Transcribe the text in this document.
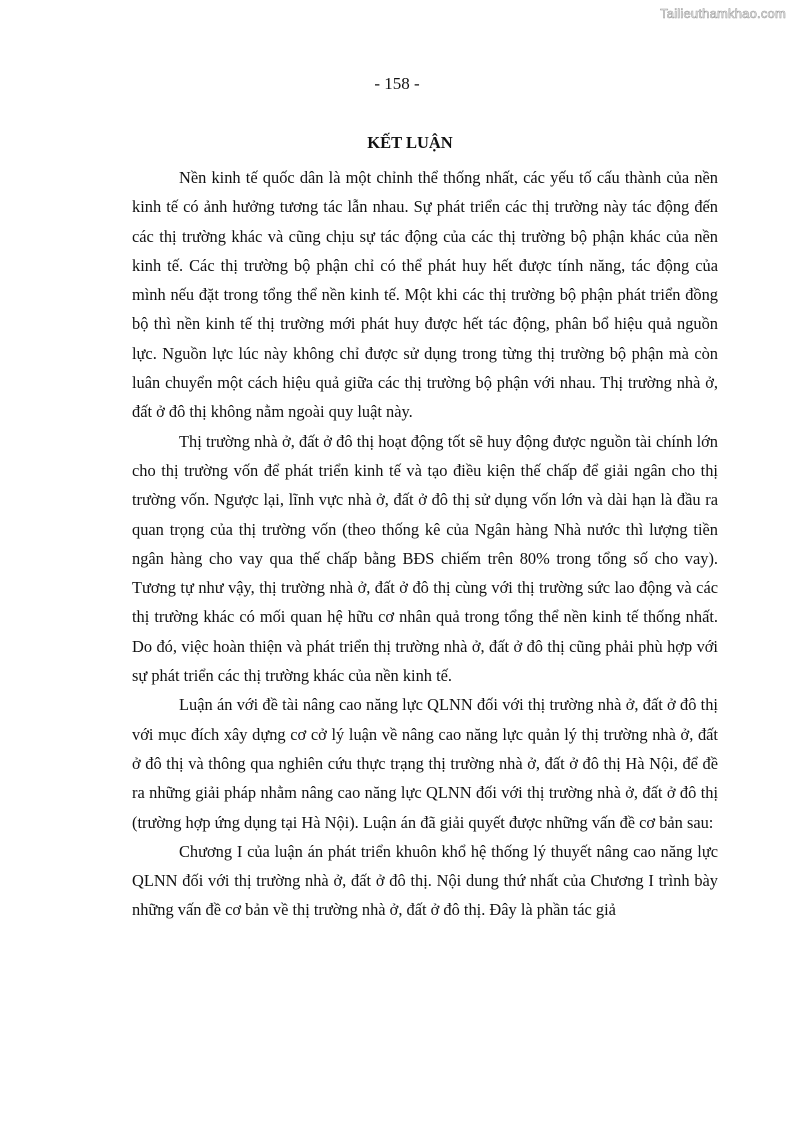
Tailieuthamkhao.com
- 158 -
KẾT LUẬN

Nền kinh tế quốc dân là một chỉnh thể thống nhất, các yếu tố cấu thành của nền kinh tế có ảnh hưởng tương tác lẫn nhau. Sự phát triển các thị trường này tác động đến các thị trường khác và cũng chịu sự tác động của các thị trường bộ phận khác của nền kinh tế. Các thị trường bộ phận chỉ có thể phát huy hết được tính năng, tác động của mình nếu đặt trong tổng thể nền kinh tế. Một khi các thị trường bộ phận phát triển đồng bộ thì nền kinh tế thị trường mới phát huy được hết tác động, phân bổ hiệu quả nguồn lực. Nguồn lực lúc này không chỉ được sử dụng trong từng thị trường bộ phận mà còn luân chuyển một cách hiệu quả giữa các thị trường bộ phận với nhau. Thị trường nhà ở, đất ở đô thị không nằm ngoài quy luật này.

Thị trường nhà ở, đất ở đô thị hoạt động tốt sẽ huy động được nguồn tài chính lớn cho thị trường vốn để phát triển kinh tế và tạo điều kiện thế chấp để giải ngân cho thị trường vốn. Ngược lại, lĩnh vực nhà ở, đất ở đô thị sử dụng vốn lớn và dài hạn là đầu ra quan trọng của thị trường vốn (theo thống kê của Ngân hàng Nhà nước thì lượng tiền ngân hàng cho vay qua thế chấp bằng BĐS chiếm trên 80% trong tổng số cho vay). Tương tự như vậy, thị trường nhà ở, đất ở đô thị cùng với thị trường sức lao động và các thị trường khác có mối quan hệ hữu cơ nhân quả trong tổng thể nền kinh tế thống nhất. Do đó, việc hoàn thiện và phát triển thị trường nhà ở, đất ở đô thị cũng phải phù hợp với sự phát triển các thị trường khác của nền kinh tế.

Luận án với đề tài nâng cao năng lực QLNN đối với thị trường nhà ở, đất ở đô thị với mục đích xây dựng cơ cở lý luận về nâng cao năng lực quản lý thị trường nhà ở, đất ở đô thị và thông qua nghiên cứu thực trạng thị trường nhà ở, đất ở đô thị Hà Nội, để đề ra những giải pháp nhằm nâng cao năng lực QLNN đối với thị trường nhà ở, đất ở đô thị (trường hợp ứng dụng tại Hà Nội). Luận án đã giải quyết được những vấn đề cơ bản sau:

Chương I của luận án phát triển khuôn khổ hệ thống lý thuyết nâng cao năng lực QLNN đối với thị trường nhà ở, đất ở đô thị. Nội dung thứ nhất của Chương I trình bày những vấn đề cơ bản về thị trường nhà ở, đất ở đô thị. Đây là phần tác giả
